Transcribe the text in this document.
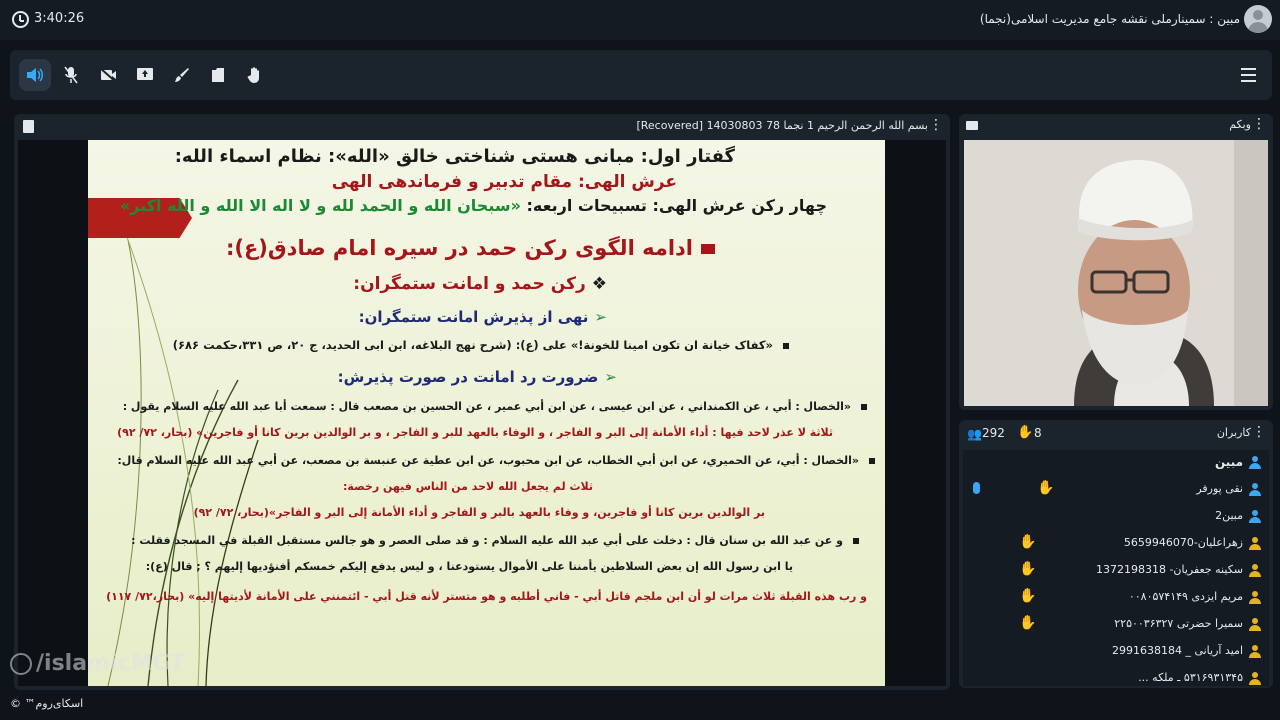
3:40:26	مبین : سمینارملی نقشه جامع مدیریت اسلامی(نجما)
بسم الله الرحمن الرحيم 1 نجما 78 14030803 [Recovered] ⋮
گفتار اول: مبانی هستی شناختی خالق «الله»: نظام اسماء الله:
عرش الهی: مقام تدبیر و فرماندهی الهی
چهار رکن عرش الهی: تسبیحات اربعه: «سبحان الله و الحمد لله و لا اله الا الله و الله اکبر»
ادامه الگوی رکن حمد در سیره امام صادق(ع):
❖رکن حمد و امانت ستمگران:
➢نهی از پذیرش امانت ستمگران:
«کفاک خیانة ان تکون امینا للخونة!» علی (ع): (شرح نهج البلاغه، ابن ابی الحدید، ج ۲۰، ص ۳۳۱،حکمت ۶۸۶)
➢ضرورت رد امانت در صورت پذیرش:
«الخصال : أبي ، عن الكمنداني ، عن ابن عيسى ، عن ابن أبي عمير ، عن الحسين بن مصعب قال : سمعت أبا عبد الله عليه السلام يقول :
ثلاثة لا عذر لاحد فيها : أداء الأمانة إلى البر و الفاجر ، و الوفاء بالعهد للبر و الفاجر ، و بر الوالدين برين كانا أو فاجرين» (بحار، ۷۲/ ۹۲)
«الخصال : أبي، عن الحميري، عن ابن أبي الخطاب، عن ابن محبوب، عن ابن عطية عن عنبسة بن مصعب، عن أبي عبد الله عليه السلام قال:
ثلاث لم يجعل الله لاحد من الناس فيهن رخصة:
بر الوالدين برين كانا أو فاجرين، و وفاء بالعهد بالبر و الفاجر و أداء الأمانة إلى البر و الفاجر»(بحار، ۷۲/ ۹۲)
و عن عبد الله بن سنان قال : دخلت على أبي عبد الله عليه السلام : و قد صلى العصر و هو جالس مستقبل القبلة في المسجد فقلت :
يا ابن رسول الله إن بعض السلاطين يأمننا على الأموال يستودعنا ، و ليس يدفع إليكم خمسكم أفنؤديها إليهم ؟ ; قال (ع):
و رب هذه القبلة ثلاث مرات لو أن ابن ملجم قاتل أبي - فاني أطلبه و هو متستر لأنه قتل أبي - ائتمنني على الأمانة لأديتها إليه» (بحار،۷۲/ ۱۱۷)
/islamicMGT
وبکم ⋮
👥 292 ✋ 8	کاربران ⋮
مبین
نقی پورفر
✋
مبین2
زهراعلیان-5659946070
✋
سکینه جعفریان- 1372198318
✋
مریم ایزدی ۰۰۸۰۵۷۴۱۴۹
✋
سمیرا حضرتی ۲۲۵۰۰۳۶۳۲۷
✋
امید آریانی _ 2991638184
۵۳۱۶۹۳۱۳۴۵ ـ ملکه ...
اسکای‌روم™ ©
